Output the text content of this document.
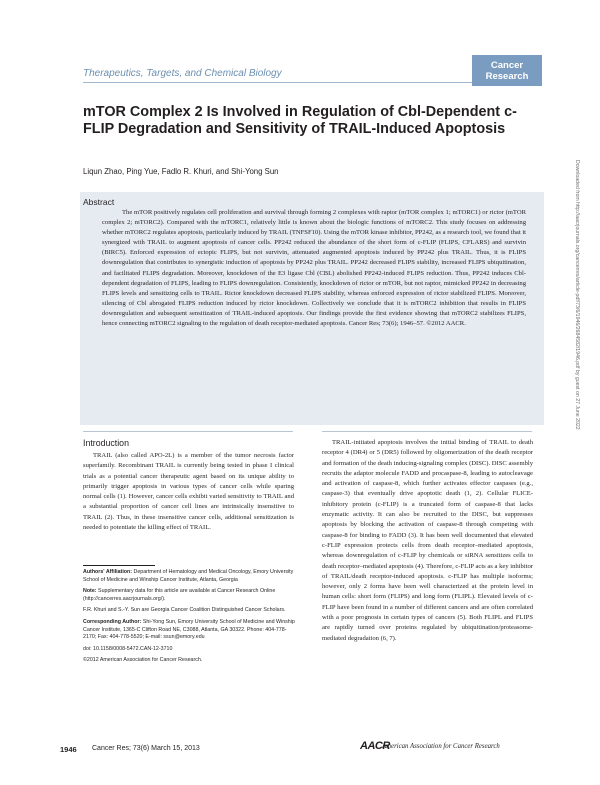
Therapeutics, Targets, and Chemical Biology
Cancer
Research
mTOR Complex 2 Is Involved in Regulation of Cbl-Dependent c-FLIP Degradation and Sensitivity of TRAIL-Induced Apoptosis
Liqun Zhao, Ping Yue, Fadlo R. Khuri, and Shi-Yong Sun
Abstract
The mTOR positively regulates cell proliferation and survival through forming 2 complexes with raptor (mTOR complex 1; mTORC1) or rictor (mTOR complex 2; mTORC2). Compared with the mTORC1, relatively little is known about the biologic functions of mTORC2. This study focuses on addressing whether mTORC2 regulates apoptosis, particularly induced by TRAIL (TNFSF10). Using the mTOR kinase inhibitor, PP242, as a research tool, we found that it synergized with TRAIL to augment apoptosis of cancer cells. PP242 reduced the abundance of the short form of c-FLIP (FLIPS, CFLARS) and survivin (BIRC5). Enforced expression of ectopic FLIPS, but not survivin, attenuated augmented apoptosis induced by PP242 plus TRAIL. Thus, it is FLIPS downregulation that contributes to synergistic induction of apoptosis by PP242 plus TRAIL. PP242 decreased FLIPS stability, increased FLIPS ubiquitination, and facilitated FLIPS degradation. Moreover, knockdown of the E3 ligase Cbl (CBL) abolished PP242-induced FLIPS reduction. Thus, PP242 induces Cbl-dependent degradation of FLIPS, leading to FLIPS downregulation. Consistently, knockdown of rictor or mTOR, but not raptor, mimicked PP242 in decreasing FLIPS levels and sensitizing cells to TRAIL. Rictor knockdown decreased FLIPS stability, whereas enforced expression of rictor stabilized FLIPS. Moreover, silencing of Cbl abrogated FLIPS reduction induced by rictor knockdown. Collectively we conclude that it is mTORC2 inhibition that results in FLIPS downregulation and subsequent sensitization of TRAIL-induced apoptosis. Our findings provide the first evidence showing that mTORC2 stabilizes FLIPS, hence connecting mTORC2 signaling to the regulation of death receptor-mediated apoptosis. Cancer Res; 73(6); 1946–57. ©2012 AACR.	Downloaded from http://aacrjournals.org/cancerres/article-pdf/73/6/1946/2684582/1946.pdf by guest on 27 June 2022
Introduction
TRAIL (also called APO-2L) is a member of the tumor necrosis factor superfamily. Recombinant TRAIL is currently being tested in phase I clinical trials as a potential cancer therapeutic agent based on its unique ability to primarily trigger apoptosis in various types of cancer cells while sparing normal cells (1). However, cancer cells exhibit varied sensitivity to TRAIL and a substantial proportion of cancer cell lines are intrinsically insensitive to TRAIL (2). Thus, in these insensitive cancer cells, additional sensitization is needed to potentiate the killing effect of TRAIL.
TRAIL-initiated apoptosis involves the initial binding of TRAIL to death receptor 4 (DR4) or 5 (DR5) followed by oligomerization of the death receptor and formation of the death inducing-signaling complex (DISC). DISC assembly recruits the adaptor molecule FADD and procaspase-8, leading to autocleavage and activation of caspase-8, which further activates effector caspases (e.g., caspase-3) that eventually drive apoptotic death (1, 2). Cellular FLICE-inhibitory protein (c-FLIP) is a truncated form of caspase-8 that lacks enzymatic activity. It can also be recruited to the DISC, but suppresses apoptosis by blocking the activation of caspase-8 through competing with caspase-8 for binding to FADD (3). It has been well documented that elevated c-FLIP expression protects cells from death receptor–mediated apoptosis, whereas downregulation of c-FLIP by chemicals or siRNA sensitizes cells to death receptor–mediated apoptosis (4). Therefore, c-FLIP acts as a key inhibitor of TRAIL/death receptor-induced apoptosis. c-FLIP has multiple isoforms; however, only 2 forms have been well characterized at the protein level in human cells: short form (FLIPS) and long form (FLIPL). Elevated levels of c-FLIP have been found in a number of different cancers and are often correlated with a poor prognosis in certain types of cancers (5). Both FLIPL and FLIPS are rapidly turned over proteins regulated by ubiquitination/proteasome-mediated degradation (6, 7).

Authors' Affiliation: Department of Hematology and Medical Oncology, Emory University School of Medicine and Winship Cancer Institute, Atlanta, Georgia

Note: Supplementary data for this article are available at Cancer Research Online (http://cancerres.aacrjournals.org/).

F.R. Khuri and S.-Y. Sun are Georgia Cancer Coalition Distinguished Cancer Scholars.

Corresponding Author: Shi-Yong Sun, Emory University School of Medicine and Winship Cancer Institute, 1365-C Clifton Road NE, C3088, Atlanta, GA 30322. Phone: 404-778-2170; Fax: 404-778-5520; E-mail: ssun@emory.edu

doi: 10.1158/0008-5472.CAN-12-3710

©2012 American Association for Cancer Research.

1946 Cancer Res; 73(6) March 15, 2013	AACR
American Association for Cancer Research
